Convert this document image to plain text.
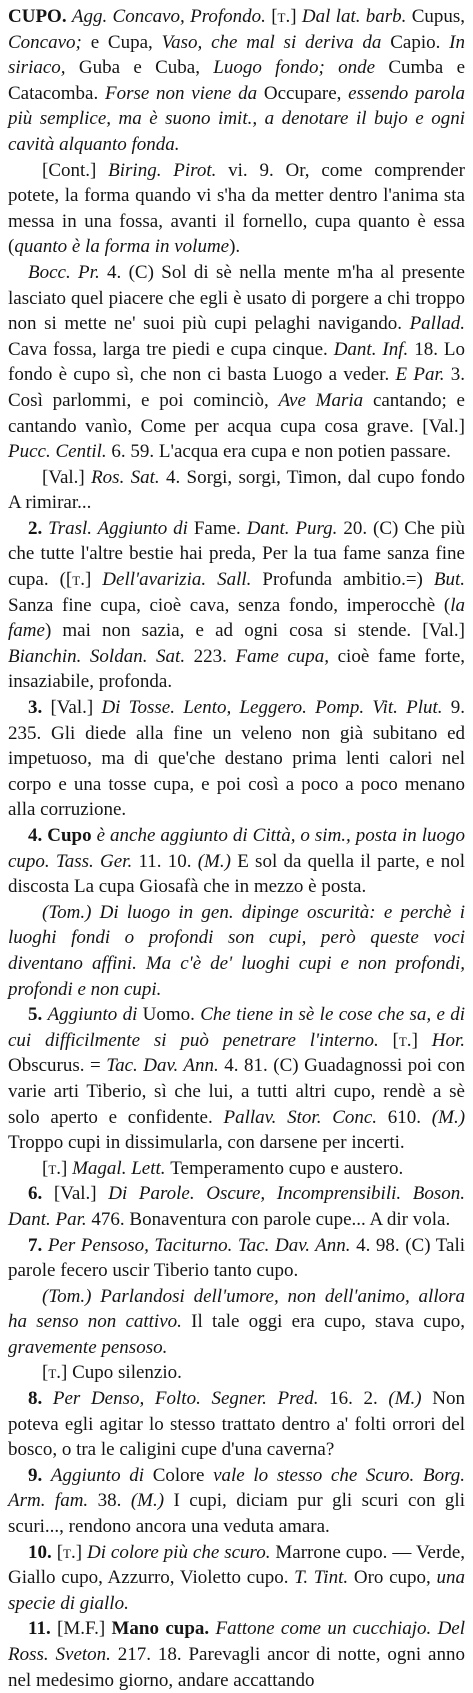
CUPO. Agg. Concavo, Profondo. [t.] Dal lat. barb. Cupus, Concavo; e Cupa, Vaso, che mal si deriva da Capio. In siriaco, Guba e Cuba, Luogo fondo; onde Cumba e Catacomba. Forse non viene da Occupare, essendo parola più semplice, ma è suono imit., a denotare il bujo e ogni cavità alquanto fonda.

[Cont.] Biring. Pirot. vi. 9. Or, come comprender potete, la forma quando vi s'ha da metter dentro l'anima sta messa in una fossa, avanti il fornello, cupa quanto è essa (quanto è la forma in volume).

Bocc. Pr. 4. (C) Sol di sè nella mente m'ha al presente lasciato quel piacere che egli è usato di porgere a chi troppo non si mette ne' suoi più cupi pelaghi navigando. Pallad. Cava fossa, larga tre piedi e cupa cinque. Dant. Inf. 18. Lo fondo è cupo sì, che non ci basta Luogo a veder. E Par. 3. Così parlommi, e poi cominciò, Ave Maria cantando; e cantando vanìo, Come per acqua cupa cosa grave. [Val.] Pucc. Centil. 6. 59. L'acqua era cupa e non potien passare.

[Val.] Ros. Sat. 4. Sorgi, sorgi, Timon, dal cupo fondo A rimirar...

2. Trasl. Aggiunto di Fame. Dant. Purg. 20. (C) Che più che tutte l'altre bestie hai preda, Per la tua fame sanza fine cupa. ([t.] Dell'avarizia. Sall. Profunda ambitio.=) But. Sanza fine cupa, cioè cava, senza fondo, imperocchè (la fame) mai non sazia, e ad ogni cosa si stende. [Val.] Bianchin. Soldan. Sat. 223. Fame cupa, cioè fame forte, insaziabile, profonda.

3. [Val.] Di Tosse. Lento, Leggero. Pomp. Vit. Plut. 9. 235. Gli diede alla fine un veleno non già subitano ed impetuoso, ma di que'che destano prima lenti calori nel corpo e una tosse cupa, e poi così a poco a poco menano alla corruzione.

4. Cupo è anche aggiunto di Città, o sim., posta in luogo cupo. Tass. Ger. 11. 10. (M.) E sol da quella il parte, e nol discosta La cupa Giosafà che in mezzo è posta.

(Tom.) Di luogo in gen. dipinge oscurità: e perchè i luoghi fondi o profondi son cupi, però queste voci diventano affini. Ma c'è de' luoghi cupi e non profondi, profondi e non cupi.

5. Aggiunto di Uomo. Che tiene in sè le cose che sa, e di cui difficilmente si può penetrare l'interno. [t.] Hor. Obscurus. = Tac. Dav. Ann. 4. 81. (C) Guadagnossi poi con varie arti Tiberio, sì che lui, a tutti altri cupo, rendè a sè solo aperto e confidente. Pallav. Stor. Conc. 610. (M.) Troppo cupi in dissimularla, con darsene per incerti.

[t.] Magal. Lett. Temperamento cupo e austero.

6. [Val.] Di Parole. Oscure, Incomprensibili. Boson. Dant. Par. 476. Bonaventura con parole cupe... A dir vola.

7. Per Pensoso, Taciturno. Tac. Dav. Ann. 4. 98. (C) Tali parole fecero uscir Tiberio tanto cupo.

(Tom.) Parlandosi dell'umore, non dell'animo, allora ha senso non cattivo. Il tale oggi era cupo, stava cupo, gravemente pensoso.

[t.] Cupo silenzio.

8. Per Denso, Folto. Segner. Pred. 16. 2. (M.) Non poteva egli agitar lo stesso trattato dentro a' folti orrori del bosco, o tra le caligini cupe d'una caverna?

9. Aggiunto di Colore vale lo stesso che Scuro. Borg. Arm. fam. 38. (M.) I cupi, diciam pur gli scuri con gli scuri..., rendono ancora una veduta amara.

10. [t.] Di colore più che scuro. Marrone cupo. — Verde, Giallo cupo, Azzurro, Violetto cupo. T. Tint. Oro cupo, una specie di giallo.

11. [M.F.] Mano cupa. Fattone come un cucchiajo. Del Ross. Sveton. 217. 18. Parevagli ancor di notte, ogni anno nel medesimo giorno, andare accattando
